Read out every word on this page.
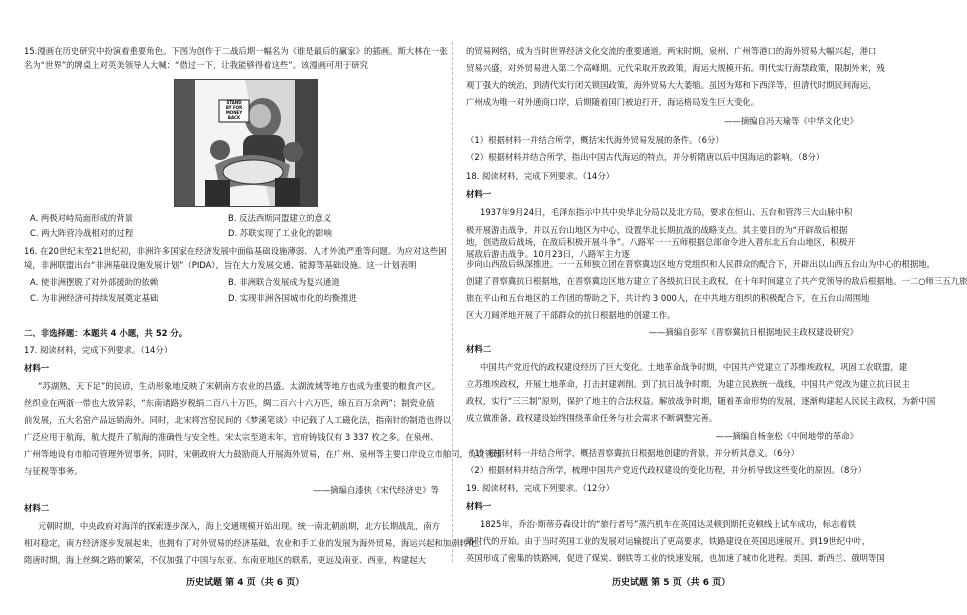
15.漫画在历史研究中扮演着重要角色。下图为创作于二战后期一幅名为《谁是最后的赢家》的插画。斯大林在一张
名为“世界”的牌桌上对英美领导人大喊：“借过一下，让我能够得着这些”。该漫画可用于研究
STAND
BY FOR
MONEY
BACK
A. 两极对峙局面形成的背景	B. 反法西斯同盟建立的意义
C. 两大阵营冷战相对的过程	D. 苏联实现了工业化的影响
16. 在20世纪末至21世纪初，非洲许多国家在经济发展中面临基础设施薄弱、人才外流严重等问题。为应对这些困
境，非洲联盟出台“非洲基础设施发展计划”（PIDA），旨在大力发展交通、能源等基础设施。这一计划表明
A. 使非洲摆脱了对外部援助的依赖	B. 非洲联合发展成为复兴通道
C. 为非洲经济可持续发展奠定基础	D. 实现非洲各国城市化的均衡推进
二、非选择题：本题共 4 小题，共 52 分。
17. 阅读材料，完成下列要求。（14分）
材料一
“苏湖熟，天下足”的民谚，生动形象地反映了宋朝南方农业的昌盛。太湖流域等地方也成为重要的粮食产区。
丝织业在两浙一带也大放异彩，“东南诸路岁税绢二百八十万匹，绸二百六十六万匹，绵五百万余两”；制瓷业值
前发展，五大名窑产品远销海外。同时，北宋将宫窑民间的《梦溪笔谈》中记载了人工磁化法，指南针的制造也得以
广泛应用于航海，航大提升了航海的准确性与安全性。宋太宗至道末年，官府铸钱仅有 3 337 枚之多。在泉州、
广州等地设有市舶司管理外贸事务，同时，宋朝政府大力鼓励商人开展海外贸易，在广州、泉州等主要口岸设立市舶司，负责管理
与征税等事务。
——摘编自漆侠《宋代经济史》等
材料二
元朝时期，中央政府对海洋的探索逐步深入，海上交通规模开始出现。统一南北朝前期，北方长期战乱，南方
相对稳定，南方经济逐步发展起来，也拥有了对外贸易的经济基础，农业和手工业的发展为海外贸易，海运兴起和加剧转化。
隋唐时期，海上丝绸之路的繁荣，不仅加强了中国与东亚、东南亚地区的联系，更远及南亚、西亚，构建起大
历史试题 第 4 页（共 6 页）
的贸易网络，成为当时世界经济文化交流的重要通道。两宋时期，泉州、广州等港口的海外贸易大幅兴起，港口
贸易兴盛，对外贸易进入第二个高峰期。元代采取开放政策，海运大规模开拓。明代实行海禁政策，限制外来，残
观丁强大的统治，到清代实行闭关锁国政策，海外贸易大大萎缩。虽因为郑和下西洋等，但清代时期民间海运，
广州成为唯一对外通商口岸，后期随着国门被迫打开，海运格局发生巨大变化。
——摘编自冯天瑜等《中华文化史》
（1）根据材料一并结合所学，概括宋代海外贸易发展的条件。（6分）
（2）根据材料并结合所学，指出中国古代海运的特点，并分析隋唐以后中国海运的影响。（8分）
18. 阅读材料，完成下列要求。（14分）
材料一
1937年9月24日，毛泽东指示中共中央华北分局以及北方局，要求在恒山、五台和管涔三大山脉中积
极开展游击战争，并以五台山地区为中心，设置华北长期抗战的战略支点。其主要目的为“开辟敌后根据地，创造敌后战场，在敌后积极开展斗争”。八路军一一五师根据总部命令进入晋东北五台山地区，积极开展敌后游击战争。10月23日，八路军主力逐
步向山西敌后纵深推进。一一五师独立团在晋察冀边区地方党组织和人民群众的配合下，开辟出以山西五台山为中心的根据地，
创建了晋察冀抗日根据地，在晋察冀边区地方建立了各级抗日民主政权，在十年时间建立了共产党领导的敌后根据地。一二○师三五九旅
旅在平山和五台地区的工作团的帮助之下，共计约 3 000人，在中共地方组织的积极配合下，在五台山周围地
区大刀阔斧地开展了干部群众的抗日根据地的创建工作。
——摘编自彭军《晋察冀抗日根据地民主政权建设研究》
材料二
中国共产党近代的政权建设经历了巨大变化。土地革命战争时期，中国共产党建立了苏维埃政权，巩固工农联盟，建
立苏维埃政权，开展土地革命，打击封建剥削。到了抗日战争时期，为建立民族统一战线，中国共产党改为建立抗日民主
政权，实行“三三制”原则，保护了地主的合法权益。解放战争时期，随着革命形势的发展，逐渐构建起人民民主政权，为新中国
成立做准备，政权建设始终围绕革命任务与社会需求不断调整完善。
——摘编自杨奎松《中间地带的革命》
（1）根据材料一并结合所学，概括晋察冀抗日根据地创建的背景，并分析其意义。（6分）
（2）根据材料并结合所学，梳理中国共产党近代政权建设的变化历程，并分析导致这些变化的原因。（8分）
19. 阅读材料，完成下列要求。（12分）
材料一
1825年，乔治·斯蒂芬森设计的“旅行者号”蒸汽机车在英国达灵顿到斯托克顿线上试车成功，标志着铁
路时代的开始。由于当时英国工业的发展对运输提出了更高要求，铁路建设在英国迅速展开。到19世纪中叶，
英国形成了密集的铁路网，促进了煤炭、钢铁等工业的快速发展，也加速了城市化进程。美国、新西兰、俄明等国
历史试题 第 5 页（共 6 页）
